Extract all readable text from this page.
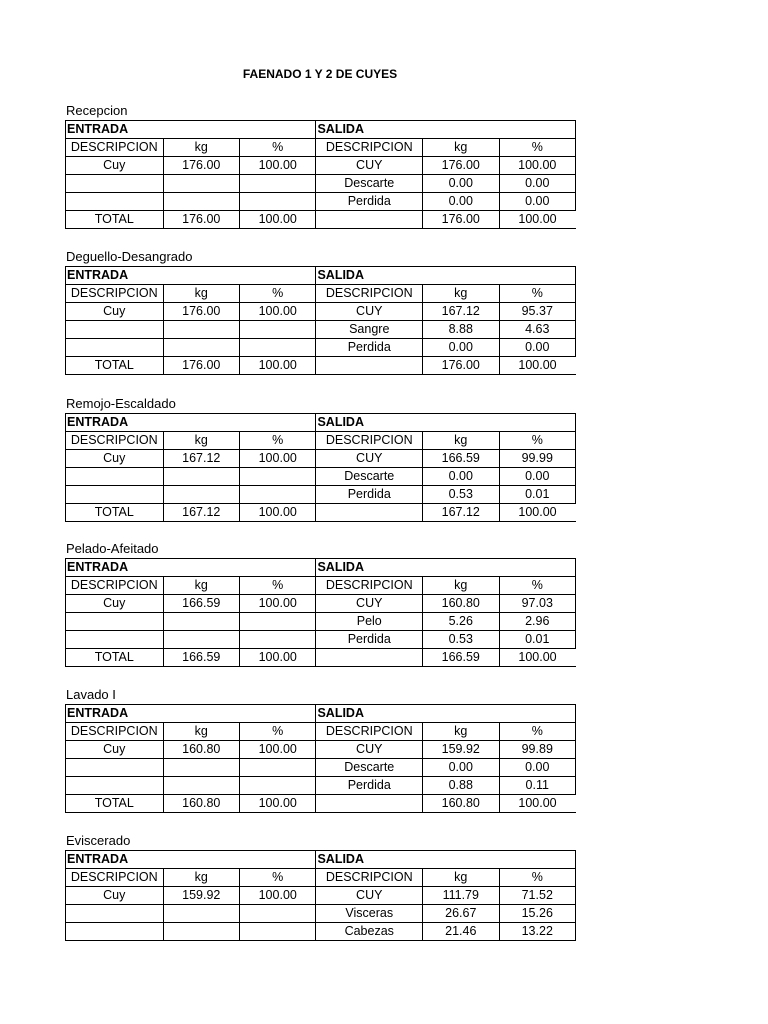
FAENADO 1 Y 2 DE CUYES
Recepcion
ENTRADA			SALIDA		
DESCRIPCION	kg	%	DESCRIPCION	kg	%
Cuy	176.00	100.00	CUY	176.00	100.00
			Descarte	0.00	0.00
			Perdida	0.00	0.00
TOTAL	176.00	100.00		176.00	100.00
Deguello-Desangrado
ENTRADA			SALIDA		
DESCRIPCION	kg	%	DESCRIPCION	kg	%
Cuy	176.00	100.00	CUY	167.12	95.37
			Sangre	8.88	4.63
			Perdida	0.00	0.00
TOTAL	176.00	100.00		176.00	100.00
Remojo-Escaldado
ENTRADA			SALIDA		
DESCRIPCION	kg	%	DESCRIPCION	kg	%
Cuy	167.12	100.00	CUY	166.59	99.99
			Descarte	0.00	0.00
			Perdida	0.53	0.01
TOTAL	167.12	100.00		167.12	100.00
Pelado-Afeitado
ENTRADA			SALIDA		
DESCRIPCION	kg	%	DESCRIPCION	kg	%
Cuy	166.59	100.00	CUY	160.80	97.03
			Pelo	5.26	2.96
			Perdida	0.53	0.01
TOTAL	166.59	100.00		166.59	100.00
Lavado I
ENTRADA			SALIDA		
DESCRIPCION	kg	%	DESCRIPCION	kg	%
Cuy	160.80	100.00	CUY	159.92	99.89
			Descarte	0.00	0.00
			Perdida	0.88	0.11
TOTAL	160.80	100.00		160.80	100.00
Eviscerado
ENTRADA			SALIDA		
DESCRIPCION	kg	%	DESCRIPCION	kg	%
Cuy	159.92	100.00	CUY	111.79	71.52
			Visceras	26.67	15.26
			Cabezas	21.46	13.22
